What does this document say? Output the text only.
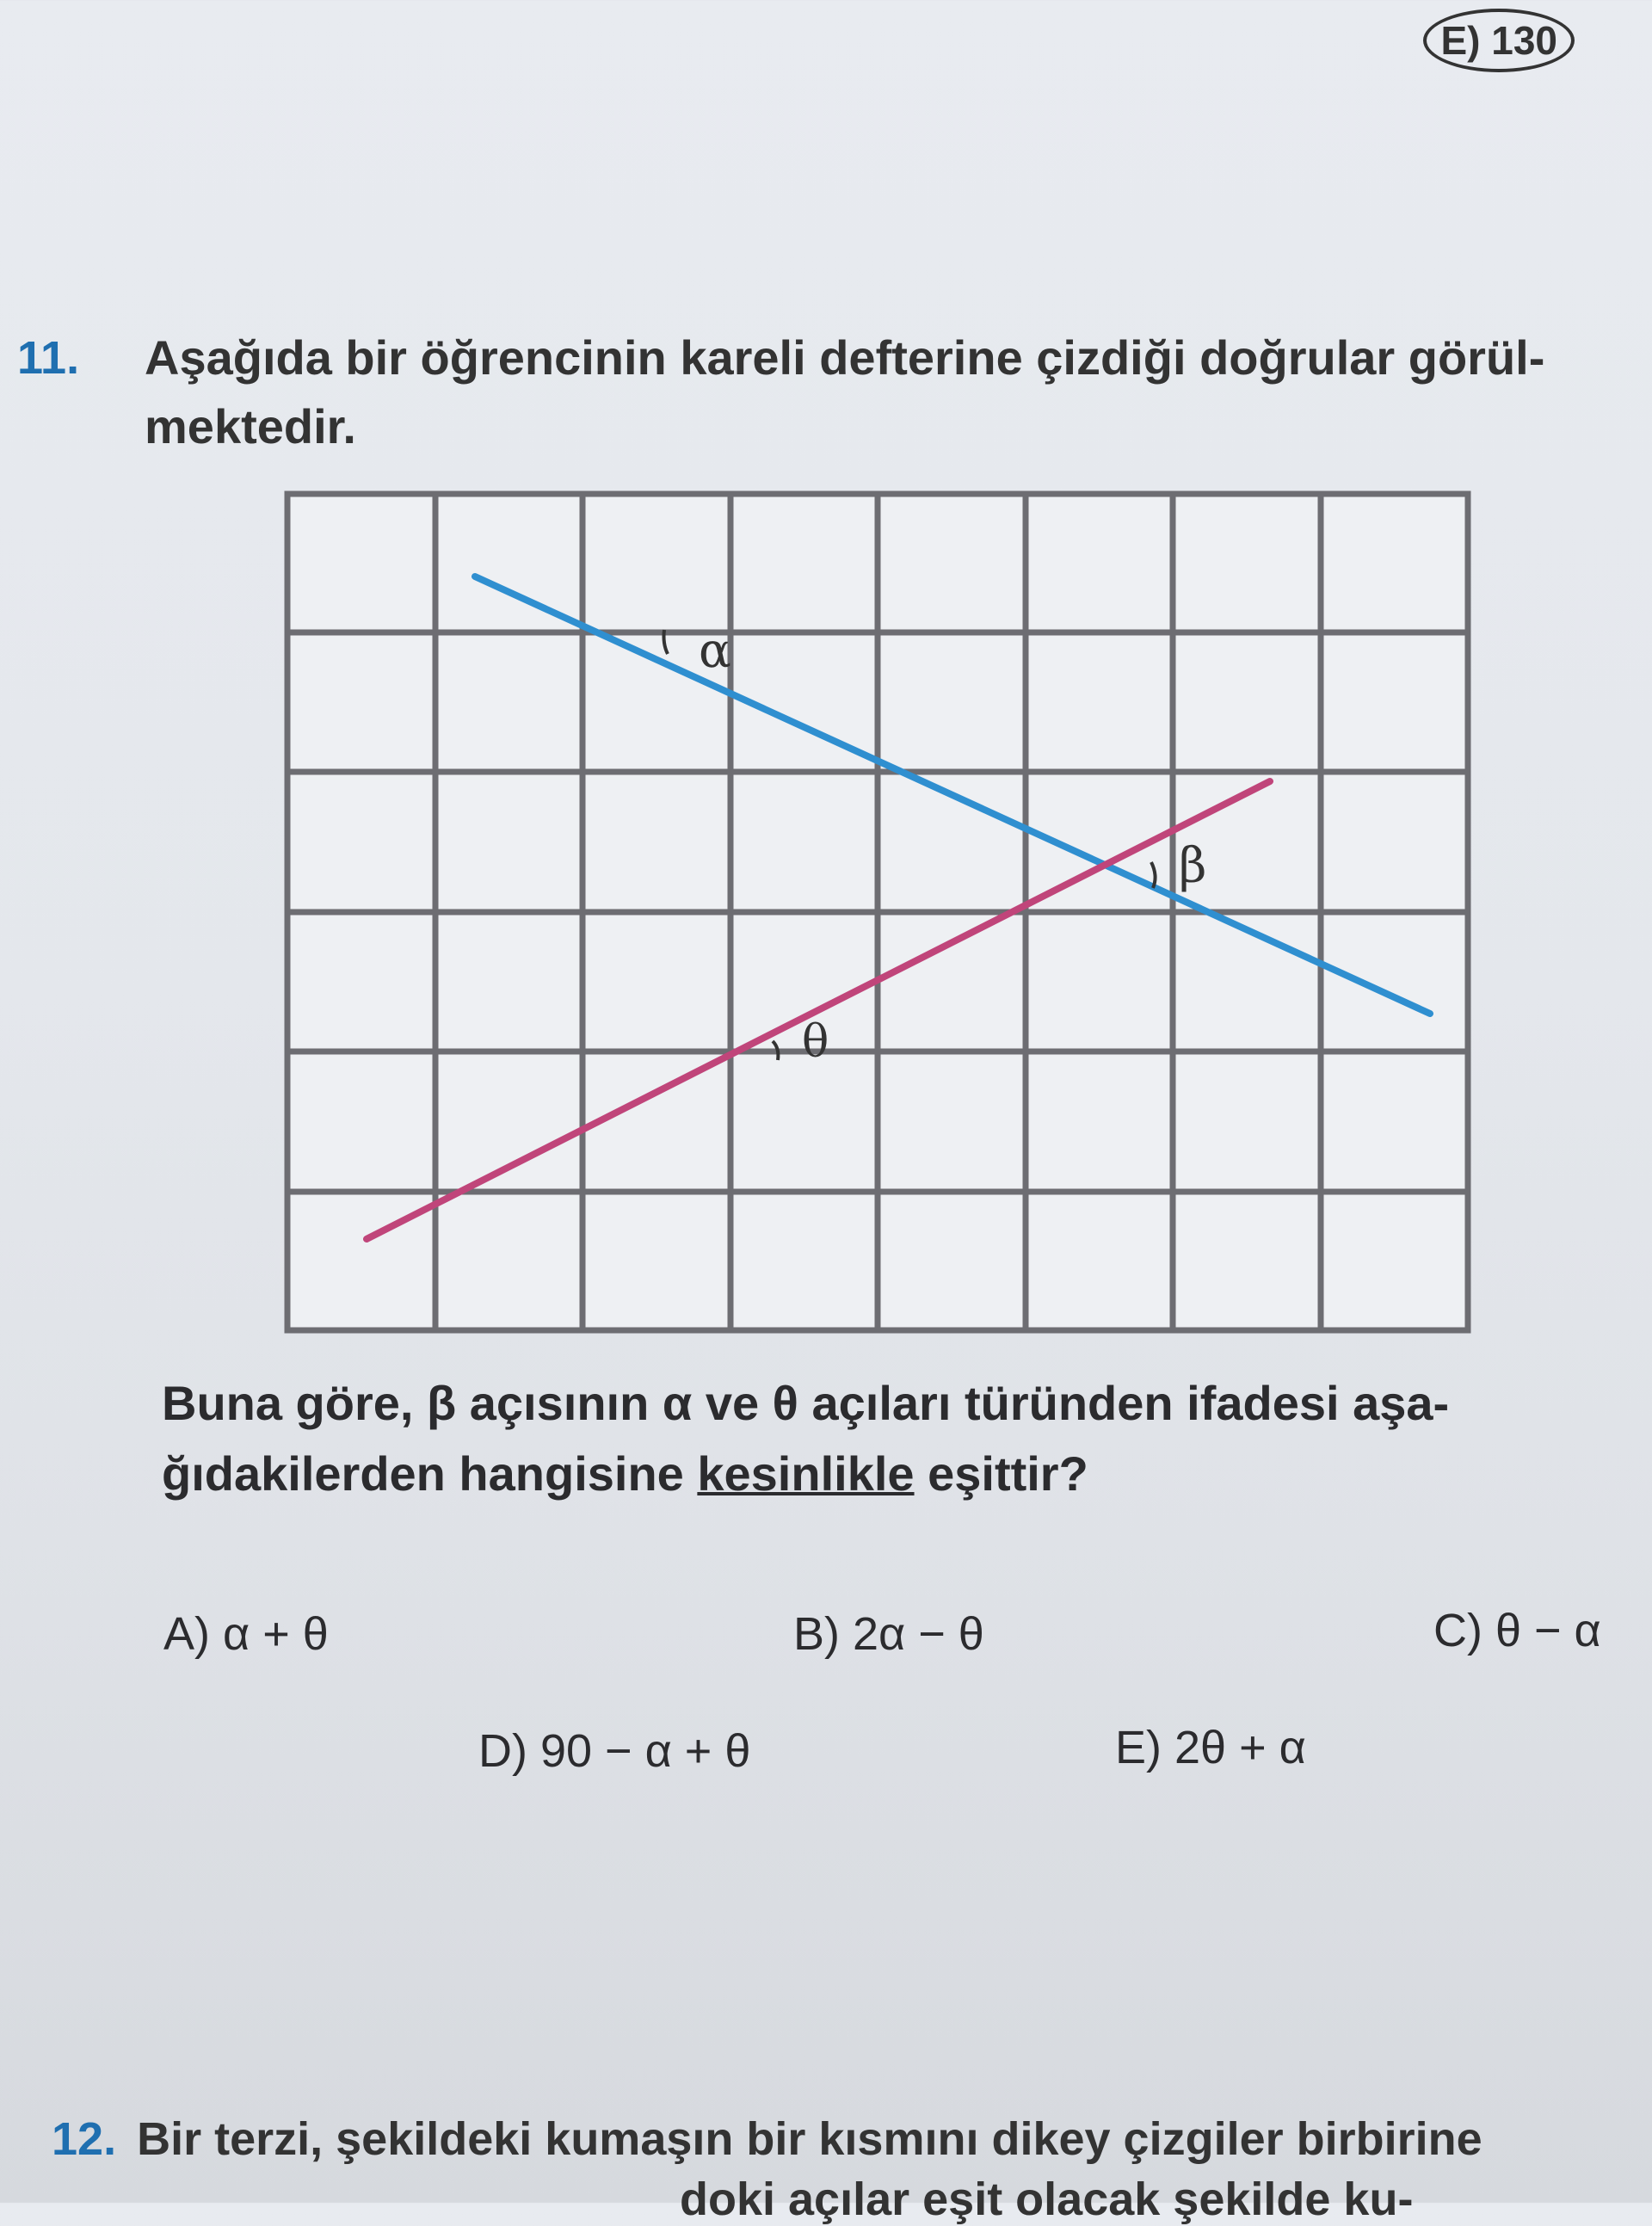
E) 130
11. Aşağıda bir öğrencinin kareli defterine çizdiği doğrular görül-
mektedir.
α
β
θ
Buna göre, β açısının α ve θ açıları türünden ifadesi aşa-
ğıdakilerden hangisine kesinlikle eşittir?
A) α + θ	B) 2α − θ	C) θ − α
D) 90 − α + θ	E) 2θ + α
12. Bir terzi, şekildeki kumaşın bir kısmını dikey çizgiler birbirine
doki açılar eşit olacak şekilde ku-
